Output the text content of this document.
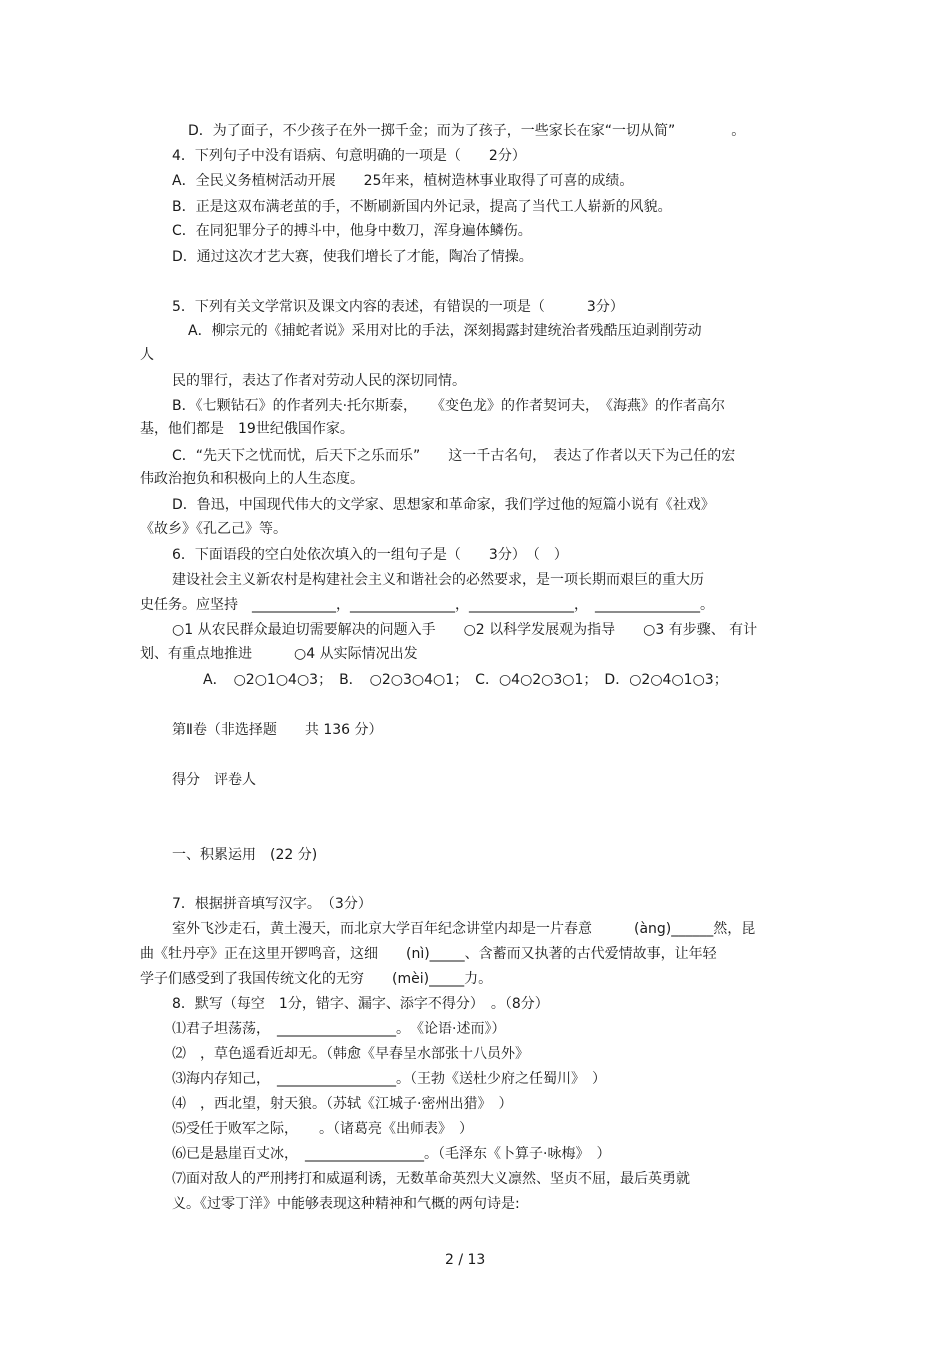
D．为了面子，不少孩子在外一掷千金；而为了孩子，一些家长在家“一切从简”　　　　。
4．下列句子中没有语病、句意明确的一项是（　　2分）
A．全民义务植树活动开展　　25年来，植树造林事业取得了可喜的成绩。
B．正是这双布满老茧的手，不断刷新国内外记录，提高了当代工人崭新的风貌。
C．在同犯罪分子的搏斗中，他身中数刀，浑身遍体鳞伤。
D．通过这次才艺大赛，使我们增长了才能，陶冶了情操。
5．下列有关文学常识及课文内容的表述，有错误的一项是（　　　3分）
A．柳宗元的《捕蛇者说》采用对比的手法，深刻揭露封建统治者残酷压迫剥削劳动
人
民的罪行，表达了作者对劳动人民的深切同情。
B．《七颗钻石》的作者列夫·托尔斯泰，　　《变色龙》的作者契诃夫，　《海燕》的作者高尔
基，他们都是　19世纪俄国作家。
C．“先天下之忧而忧，后天下之乐而乐”　　这一千古名句，　表达了作者以天下为己任的宏
伟政治抱负和积极向上的人生态度。
D．鲁迅，中国现代伟大的文学家、思想家和革命家，我们学过他的短篇小说有《社戏》
《故乡》《孔乙己》等。
6．下面语段的空白处依次填入的一组句子是（　　3分）　（　）
建设社会主义新农村是构建社会主义和谐社会的必然要求，是一项长期而艰巨的重大历
史任务。应坚持　____________，_______________，_______________，　_______________。
○1 从农民群众最迫切需要解决的问题入手　　○2 以科学发展观为指导　　○3 有步骤、 有计
划、有重点地推进　　　○4 从实际情况出发
A．　○2○1○4○3；　B．　○2○3○4○1；　C．○4○2○3○1；　D．○2○4○1○3；
第Ⅱ卷（非选择题　　共 136 分）
得分　评卷人
一、积累运用　(22 分)
7．根据拼音填写汉字。　（3分）
室外飞沙走石，黄土漫天，而北京大学百年纪念讲堂内却是一片春意　　　(àng)______然，昆
曲《牡丹亭》正在这里开锣鸣音，这细　　(nì)_____、含蓄而又执著的古代爱情故事，让年轻
学子们感受到了我国传统文化的无穷　　(mèi)_____力。
8．默写（每空　1分，错字、漏字、添字不得分）　。（8分）
⑴君子坦荡荡，　_________________。　《论语·述而》）
⑵　，草色遥看近却无。（韩愈《早春呈水部张十八员外》
⑶海内存知己，　_________________。（王勃《送杜少府之任蜀川》　）
⑷　，西北望，射天狼。（苏轼《江城子·密州出猎》　）
⑸受任于败军之际，　　。（诸葛亮《出师表》　）
⑹已是悬崖百丈冰，　_________________。（毛泽东《卜算子·咏梅》　）
⑺面对敌人的严刑拷打和威逼利诱，无数革命英烈大义凛然、坚贞不屈，最后英勇就
义。《过零丁洋》中能够表现这种精神和气概的两句诗是:
2 / 13
